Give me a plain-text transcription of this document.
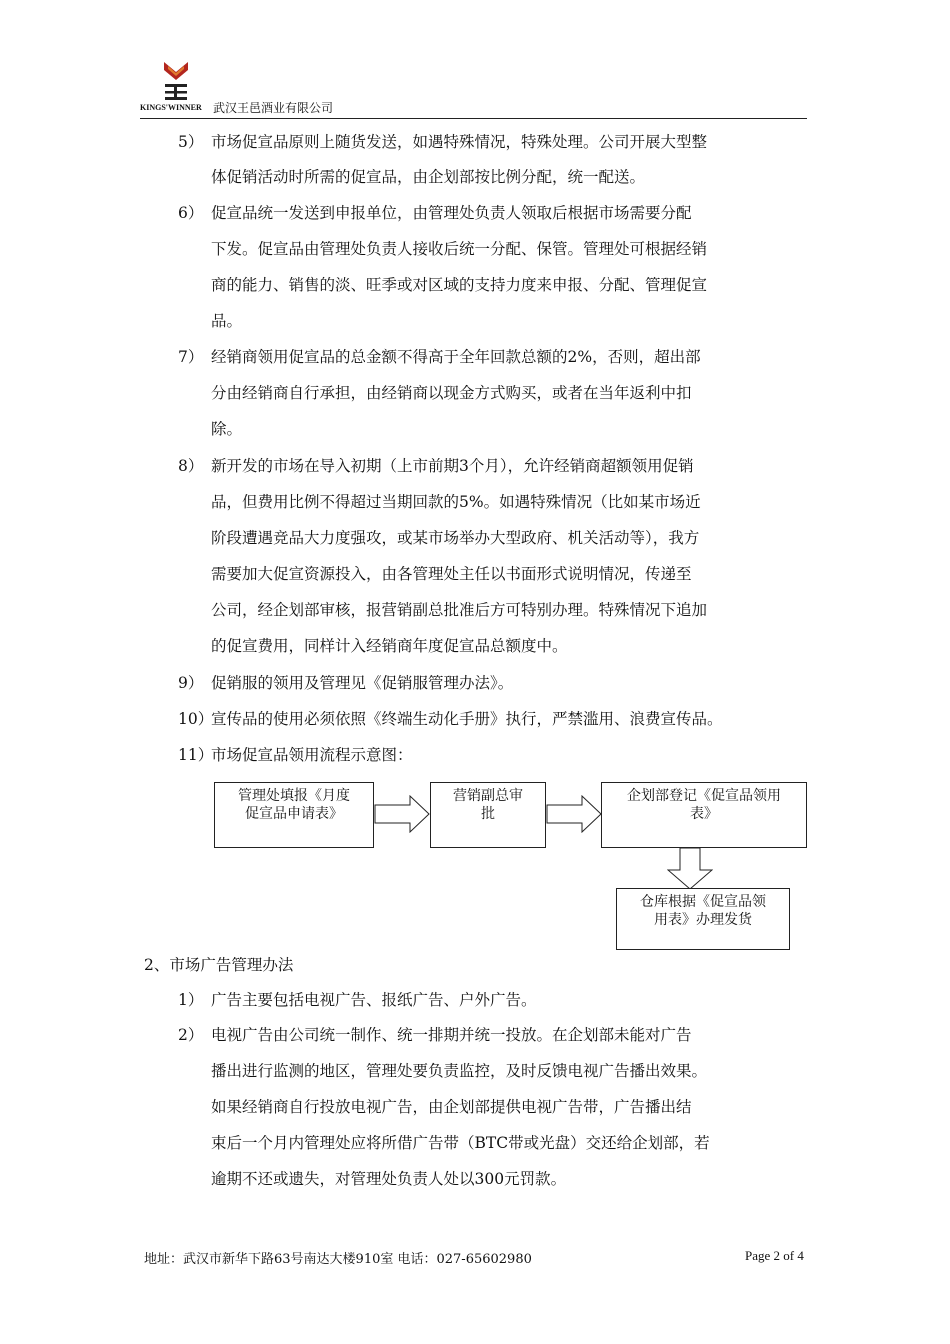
KINGS'WINNER 武汉王邑酒业有限公司
5） 市场促宣品原则上随货发送，如遇特殊情况，特殊处理。公司开展大型整
体促销活动时所需的促宣品，由企划部按比例分配，统一配送。
6） 促宣品统一发送到申报单位，由管理处负责人领取后根据市场需要分配
下发。促宣品由管理处负责人接收后统一分配、保管。管理处可根据经销
商的能力、销售的淡、旺季或对区域的支持力度来申报、分配、管理促宣
品。
7） 经销商领用促宣品的总金额不得高于全年回款总额的2%，否则，超出部
分由经销商自行承担，由经销商以现金方式购买，或者在当年返利中扣
除。
8） 新开发的市场在导入初期（上市前期3个月），允许经销商超额领用促销
品，但费用比例不得超过当期回款的5%。如遇特殊情况（比如某市场近
阶段遭遇竞品大力度强攻，或某市场举办大型政府、机关活动等），我方
需要加大促宣资源投入，由各管理处主任以书面形式说明情况，传递至
公司，经企划部审核，报营销副总批准后方可特别办理。特殊情况下追加
的促宣费用，同样计入经销商年度促宣品总额度中。
9） 促销服的领用及管理见《促销服管理办法》。
10）
宣传品的使用必须依照《终端生动化手册》执行，严禁滥用、浪费宣传品。
11）
市场促宣品领用流程示意图：
管理处填报《月度
促宣品申请表》
营销副总审
批
企划部登记《促宣品领用
表》
仓库根据《促宣品领
用表》办理发货
2、市场广告管理办法
1） 广告主要包括电视广告、报纸广告、户外广告。
2） 电视广告由公司统一制作、统一排期并统一投放。在企划部未能对广告
播出进行监测的地区，管理处要负责监控，及时反馈电视广告播出效果。
如果经销商自行投放电视广告，由企划部提供电视广告带，广告播出结
束后一个月内管理处应将所借广告带（BTC带或光盘）交还给企划部，若
逾期不还或遗失，对管理处负责人处以300元罚款。
地址：武汉市新华下路63号南达大楼910室 电话：027-65602980	Page 2 of 4
